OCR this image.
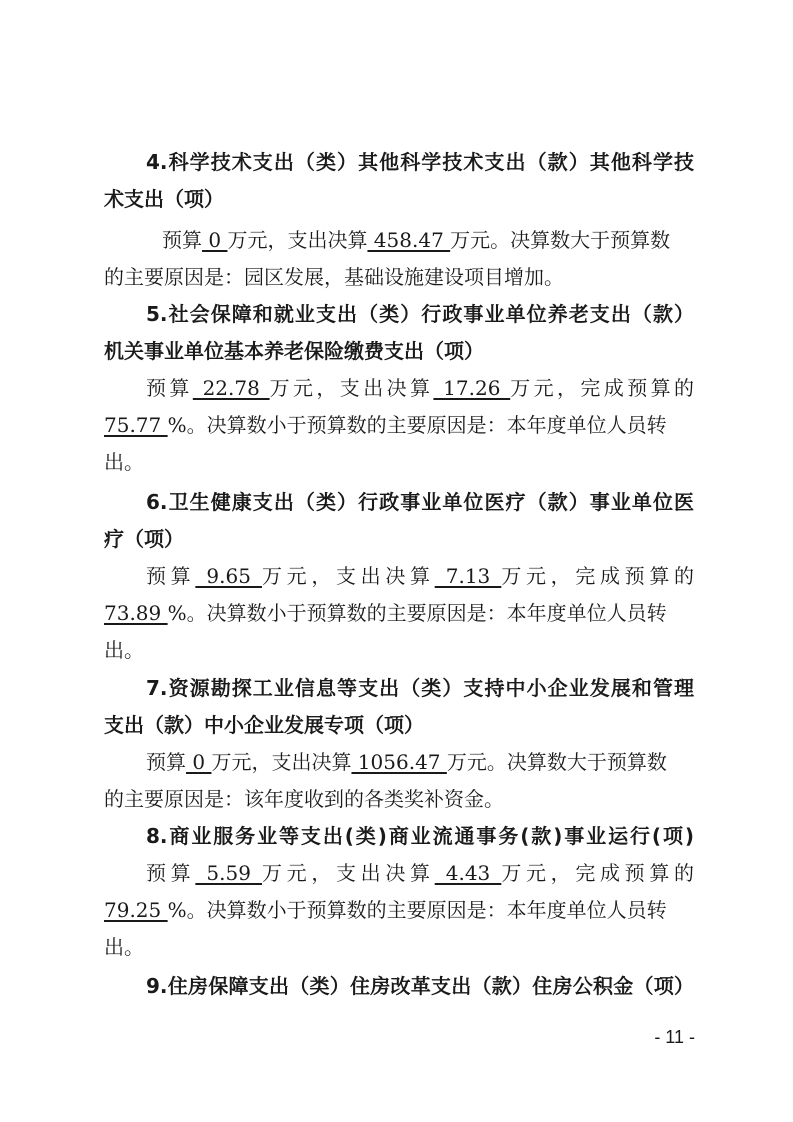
4.科学技术支出（类）其他科学技术支出（款）其他科学技
术支出（项）
预算 0 万元，支出决算 458.47 万元。决算数大于预算数
的主要原因是：园区发展，基础设施建设项目增加。
5.社会保障和就业支出（类）行政事业单位养老支出（款）
机关事业单位基本养老保险缴费支出（项）
预算 22.78 万元，支出决算 17.26 万元，完成预算的
75.77 %。决算数小于预算数的主要原因是：本年度单位人员转
出。
6.卫生健康支出（类）行政事业单位医疗（款）事业单位医
疗（项）
预算 9.65 万元，支出决算 7.13 万元，完成预算的
73.89 %。决算数小于预算数的主要原因是：本年度单位人员转
出。
7.资源勘探工业信息等支出（类）支持中小企业发展和管理
支出（款）中小企业发展专项（项）
预算 0 万元，支出决算 1056.47 万元。决算数大于预算数
的主要原因是：该年度收到的各类奖补资金。
8.商业服务业等支出(类)商业流通事务(款)事业运行(项)
预算 5.59 万元，支出决算 4.43 万元，完成预算的
79.25 %。决算数小于预算数的主要原因是：本年度单位人员转
出。
9.住房保障支出（类）住房改革支出（款）住房公积金（项）
- 11 -
